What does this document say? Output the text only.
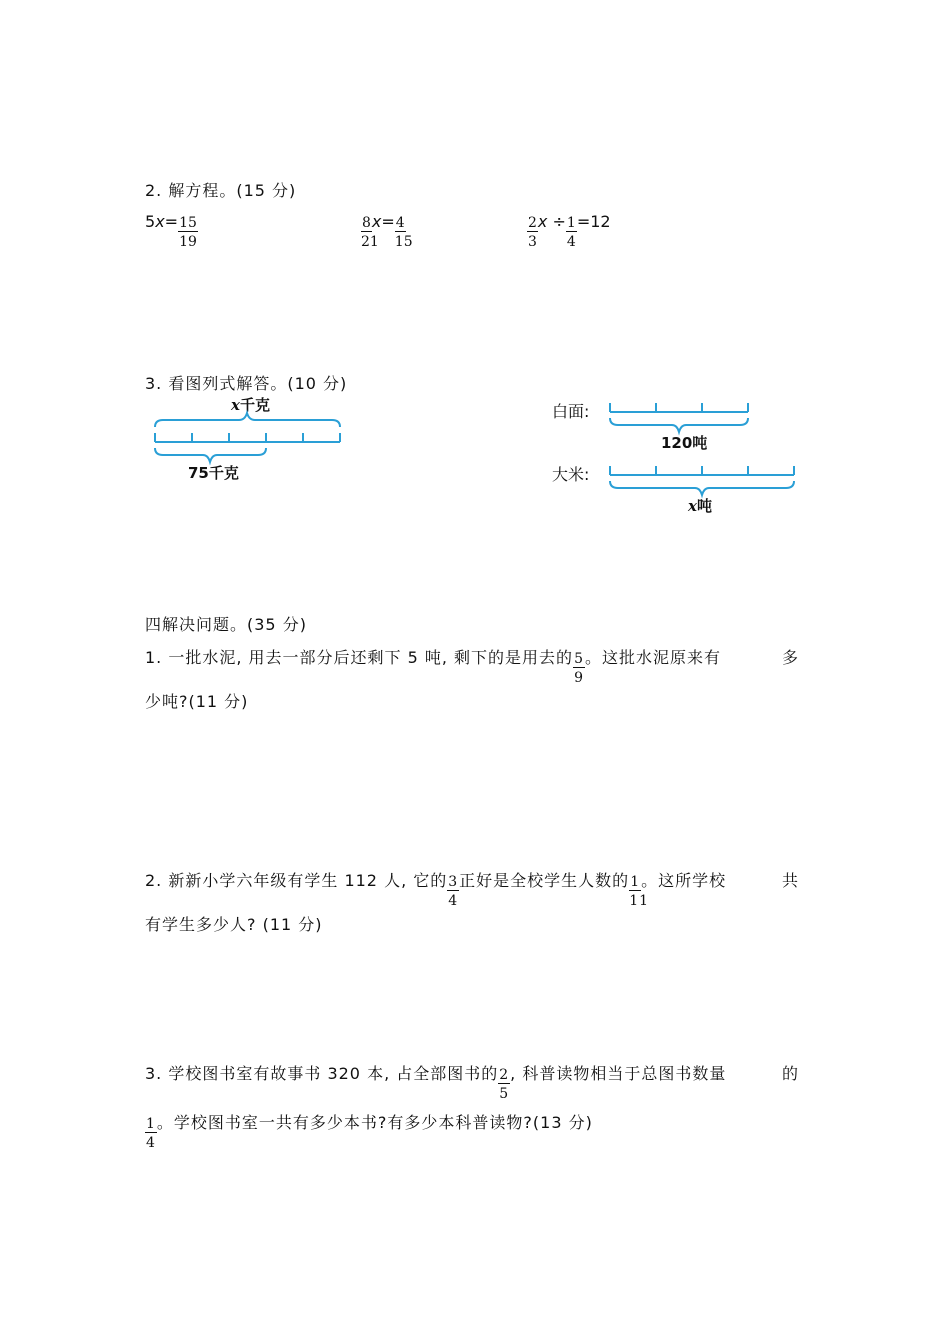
2. 解方程。(15 分)
$5x= \frac{15}{19}$	$\frac{8}{21} x= \frac{4}{15}$	$\frac{2}{3}$ $x \div \frac{1}{4} =12$
3. 看图列式解答。(10 分)
x千克
75千克
白面:
120吨
大米:
x吨
四解决问题。(35 分)
1. 一批水泥, 用去一部分后还剩下 5 吨, 剩下的是用去的 $\frac{5}{9}$ 。这批水泥原来有	多
少吨?(11 分)
2. 新新小学六年级有学生 112 人, 它的 $\frac{3}{4}$ 正好是全校学生人数的 $\frac{1}{11}$ 。这所学校	共
有学生多少人? (11 分)
3. 学校图书室有故事书 320 本, 占全部图书的 $\frac{2}{5}$ , 科普读物相当于总图书数量	的
$\frac{1}{4}$ 。学校图书室一共有多少本书?有多少本科普读物?(13 分)
